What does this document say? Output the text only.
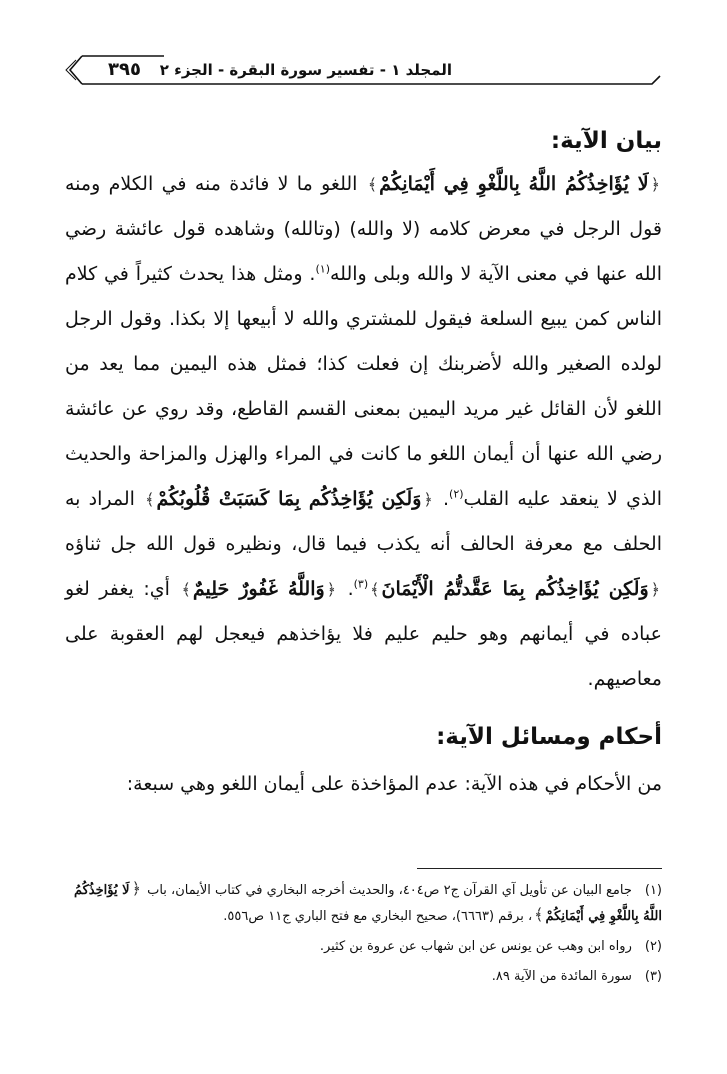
٣٩٥ المجلد ١ - تفسير سورة البقرة - الجزء ٢
بيان الآية:

﴿لَا يُؤَاخِذُكُمُ اللَّهُ بِاللَّغْوِ فِي أَيْمَانِكُمْ﴾ اللغو ما لا فائدة منه في الكلام ومنه قول الرجل في معرض كلامه (لا والله) (وتالله) وشاهده قول عائشة رضي الله عنها في معنى الآية لا والله وبلى والله$^{(١)}$. ومثل هذا يحدث كثيراً في كلام الناس كمن يبيع السلعة فيقول للمشتري والله لا أبيعها إلا بكذا. وقول الرجل لولده الصغير والله لأضربنك إن فعلت كذا؛ فمثل هذه اليمين مما يعد من اللغو لأن القائل غير مريد اليمين بمعنى القسم القاطع، وقد روي عن عائشة رضي الله عنها أن أيمان اللغو ما كانت في المراء والهزل والمزاحة والحديث الذي لا ينعقد عليه القلب$^{(٢)}$. ﴿وَلَكِن يُؤَاخِذُكُم بِمَا كَسَبَتْ قُلُوبُكُمْ﴾ المراد به الحلف مع معرفة الحالف أنه يكذب فيما قال، ونظيره قول الله جل ثناؤه ﴿وَلَكِن يُؤَاخِذُكُم بِمَا عَقَّدتُّمُ الْأَيْمَانَ﴾$^{(٣)}$. ﴿وَاللَّهُ غَفُورٌ حَلِيمٌ﴾ أي: يغفر لغو عباده في أيمانهم وهو حليم عليم فلا يؤاخذهم فيعجل لهم العقوبة على معاصيهم.

أحكام ومسائل الآية:

من الأحكام في هذه الآية: عدم المؤاخذة على أيمان اللغو وهي سبعة:

(١) جامع البيان عن تأويل آي القرآن ج٢ ص٤٠٤، والحديث أخرجه البخاري في كتاب الأيمان، باب ﴿لَا يُؤَاخِذُكُمُ اللَّهُ بِاللَّغْوِ فِي أَيْمَانِكُمْ﴾، برقم (٦٦٦٣)، صحيح البخاري مع فتح الباري ج١١ ص٥٥٦.

(٢) رواه ابن وهب عن يونس عن ابن شهاب عن عروة بن كثير.

(٣) سورة المائدة من الآية ٨٩.
